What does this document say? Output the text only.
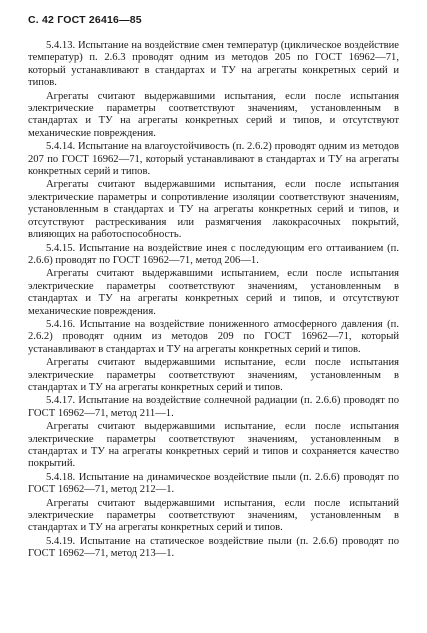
С. 42 ГОСТ 26416—85

5.4.13. Испытание на воздействие смен температур (циклическое воздействие температур) п. 2.6.3 проводят одним из методов 205 по ГОСТ 16962—71, который устанавливают в стандартах и ТУ на агрегаты конкретных серий и типов.

Агрегаты считают выдержавшими испытания, если после испытания электрические параметры соответствуют значениям, установленным в стандартах и ТУ на агрегаты конкретных серий и типов, и отсутствуют механические повреждения.

5.4.14. Испытание на влагоустойчивость (п. 2.6.2) проводят одним из методов 207 по ГОСТ 16962—71, который устанавливают в стандартах и ТУ на агрегаты конкретных серий и типов.

Агрегаты считают выдержавшими испытания, если после испытания электрические параметры и сопротивление изоляции соответствуют значениям, установленным в стандартах и ТУ на агрегаты конкретных серий и типов, и отсутствуют растрескивания или размягчения лакокрасочных покрытий, влияющих на работоспособность.

5.4.15. Испытание на воздействие инея с последующим его оттаиванием (п. 2.6.6) проводят по ГОСТ 16962—71, метод 206—1.

Агрегаты считают выдержавшими испытанием, если после испытания электрические параметры соответствуют значениям, установленным в стандартах и ТУ на агрегаты конкретных серий и типов, и отсутствуют механические повреждения.

5.4.16. Испытание на воздействие пониженного атмосферного давления (п. 2.6.2) проводят одним из методов 209 по ГОСТ 16962—71, который устанавливают в стандартах и ТУ на агрегаты конкретных серий и типов.

Агрегаты считают выдержавшими испытание, если после испытания электрические параметры соответствуют значениям, установленным в стандартах и ТУ на агрегаты конкретных серий и типов.

5.4.17. Испытание на воздействие солнечной радиации (п. 2.6.6) проводят по ГОСТ 16962—71, метод 211—1.

Агрегаты считают выдержавшими испытание, если после испытания электрические параметры соответствуют значениям, установленным в стандартах и ТУ на агрегаты конкретных серий и типов и сохраняется качество покрытий.

5.4.18. Испытание на динамическое воздействие пыли (п. 2.6.6) проводят по ГОСТ 16962—71, метод 212—1.

Агрегаты считают выдержавшими испытания, если после испытаний электрические параметры соответствуют значениям, установленным в стандартах и ТУ на агрегаты конкретных серий и типов.

5.4.19. Испытание на статическое воздействие пыли (п. 2.6.6) проводят по ГОСТ 16962—71, метод 213—1.
